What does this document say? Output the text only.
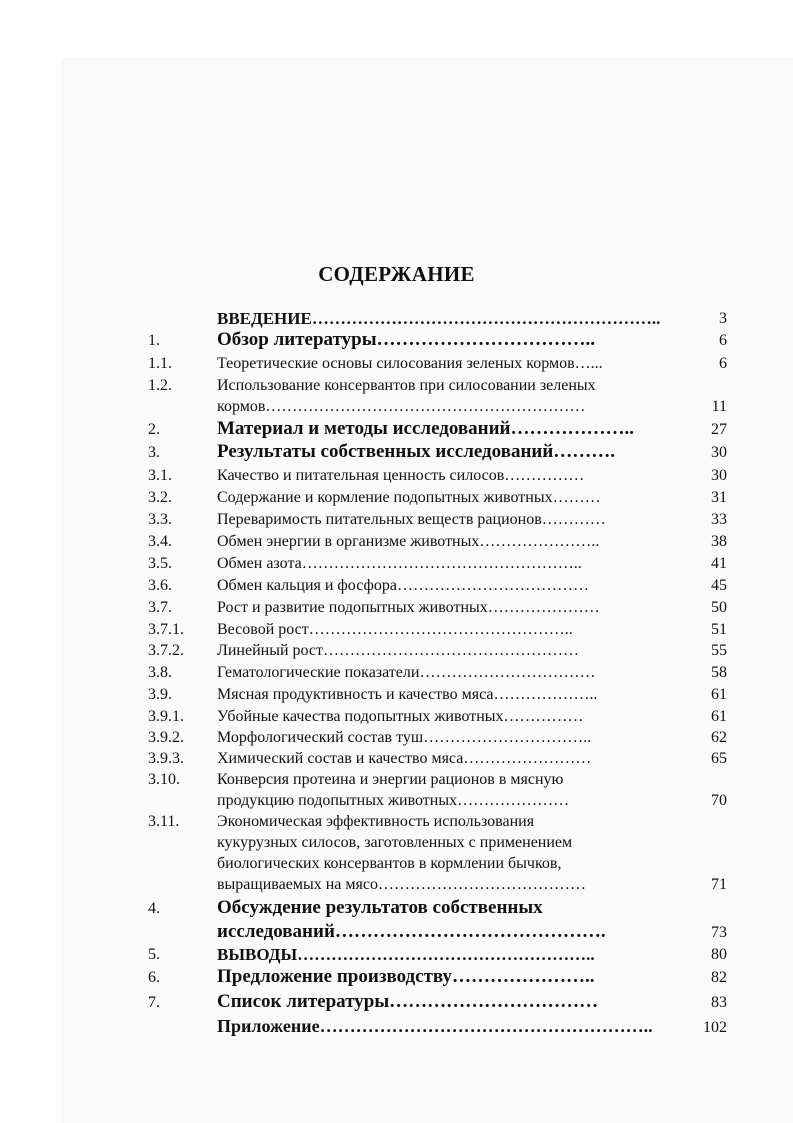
СОДЕРЖАНИЕ
ВВЕДЕНИЕ……………………………………………………..	3
1.	Обзор литературы……………………………..	6
1.1.	Теоретические основы силосования зеленых кормов…...	6
1.2.	Использование консервантов при силосовании зеленых
кормов……………………………………………………	11
2.	Материал и методы исследований………………..	27
3.	Результаты собственных исследований……….	30
3.1.	Качество и питательная ценность силосов……………	30
3.2.	Содержание и кормление подопытных животных………	31
3.3.	Переваримость питательных веществ рационов…………	33
3.4.	Обмен энергии в организме животных…………………..	38
3.5.	Обмен азота……………………………………………..	41
3.6.	Обмен кальция и фосфора………………………………	45
3.7.	Рост и развитие подопытных животных…………………	50
3.7.1. Весовой рост…………………………………………..	51
3.7.2. Линейный рост…………………………………………	55
3.8.	Гематологические показатели……………………………	58
3.9.	Мясная продуктивность и качество мяса………………..	61
3.9.1. Убойные качества подопытных животных……………	61
3.9.2. Морфологический состав туш…………………………..	62
3.9.3. Химический состав и качество мяса……………………	65
3.10. Конверсия протеина и энергии рационов в мясную
продукцию подопытных животных…………………	70
3.11. Экономическая эффективность использования
кукурузных силосов, заготовленных с применением
биологических консервантов в кормлении бычков,
выращиваемых на мясо…………………………………	71
4.	Обсуждение результатов собственных
исследований…………………………………….	73
5.	ВЫВОДЫ……………………………………………..	80
6.	Предложение производству…………………..	82
7.	Список литературы……………………………	83
Приложение………………………………………………..	102
